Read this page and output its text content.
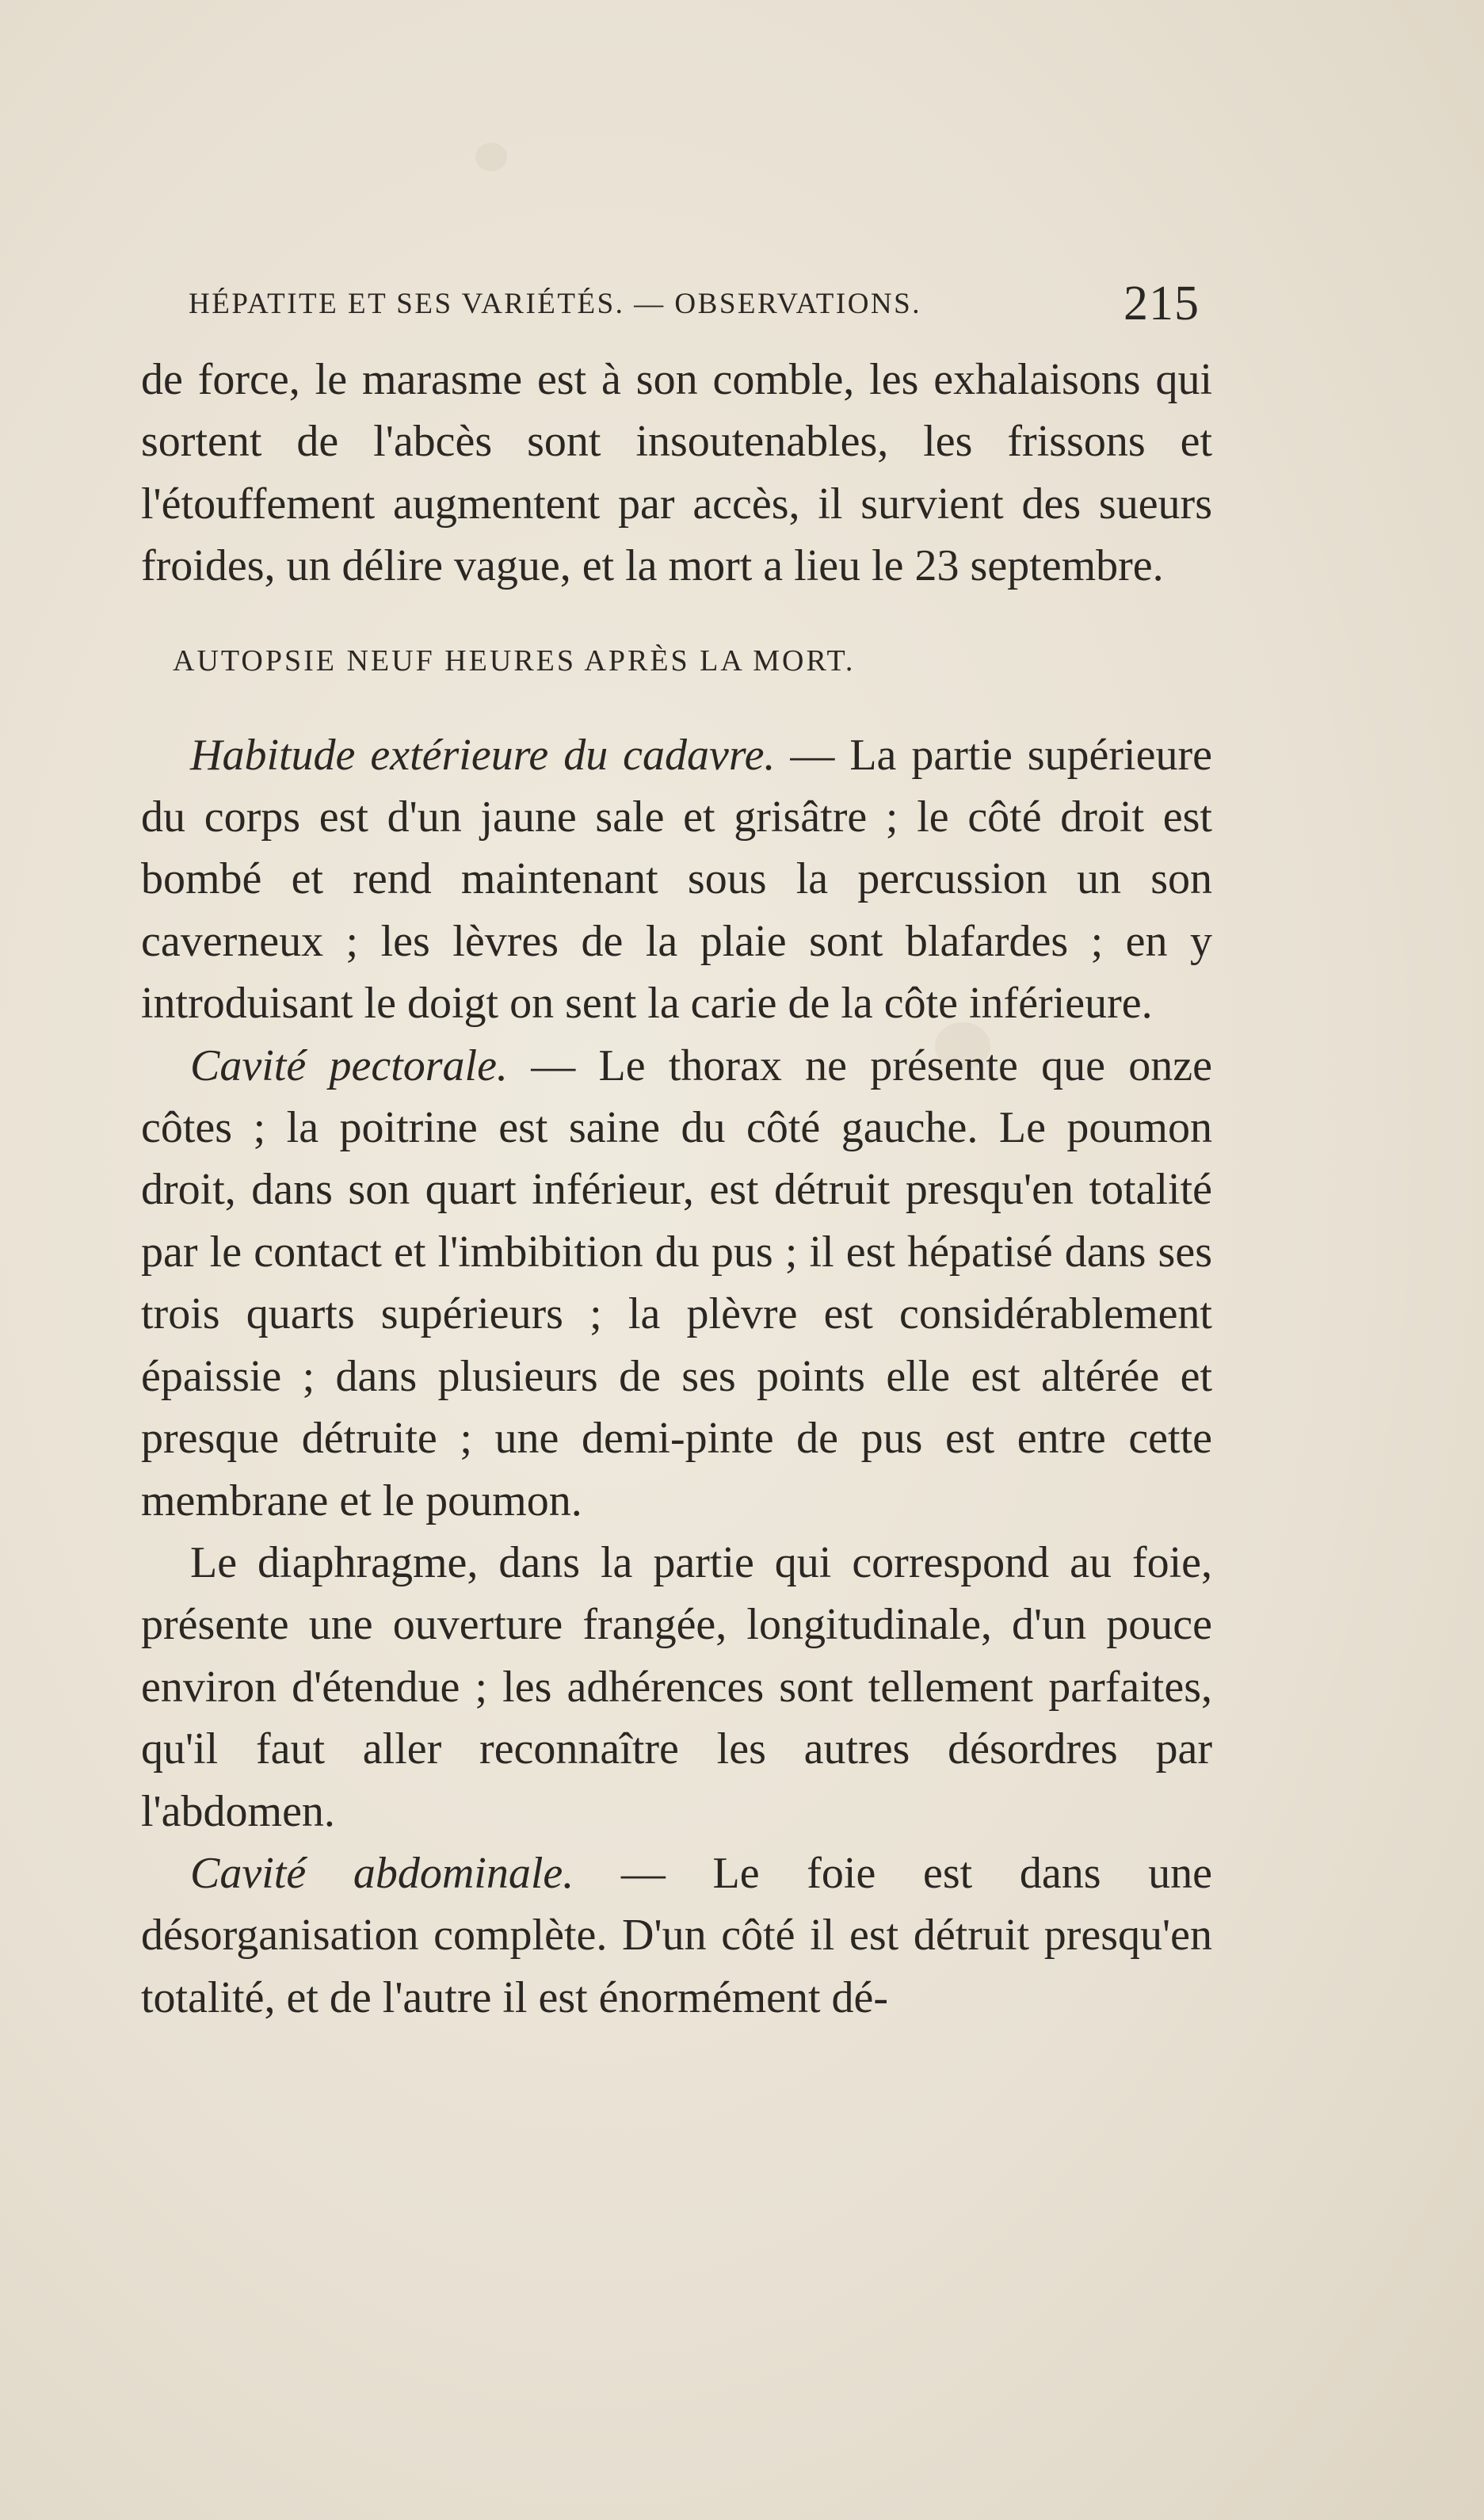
HÉPATITE ET SES VARIÉTÉS. — OBSERVATIONS.	215

de force, le marasme est à son comble, les exhalaisons qui sortent de l'abcès sont insoutenables, les frissons et l'étouffement augmentent par accès, il survient des sueurs froides, un délire vague, et la mort a lieu le 23 septembre.

AUTOPSIE NEUF HEURES APRÈS LA MORT.

Habitude extérieure du cadavre. — La partie supérieure du corps est d'un jaune sale et grisâtre ; le côté droit est bombé et rend maintenant sous la percussion un son caverneux ; les lèvres de la plaie sont blafardes ; en y introduisant le doigt on sent la carie de la côte inférieure.

Cavité pectorale. — Le thorax ne présente que onze côtes ; la poitrine est saine du côté gauche. Le poumon droit, dans son quart inférieur, est détruit presqu'en totalité par le contact et l'imbibition du pus ; il est hépatisé dans ses trois quarts supérieurs ; la plèvre est considérablement épaissie ; dans plusieurs de ses points elle est altérée et presque détruite ; une demi-pinte de pus est entre cette membrane et le poumon.

Le diaphragme, dans la partie qui correspond au foie, présente une ouverture frangée, longitudinale, d'un pouce environ d'étendue ; les adhérences sont tellement parfaites, qu'il faut aller reconnaître les autres désordres par l'abdomen.

Cavité abdominale. — Le foie est dans une désorganisation complète. D'un côté il est détruit presqu'en totalité, et de l'autre il est énormément dé-
